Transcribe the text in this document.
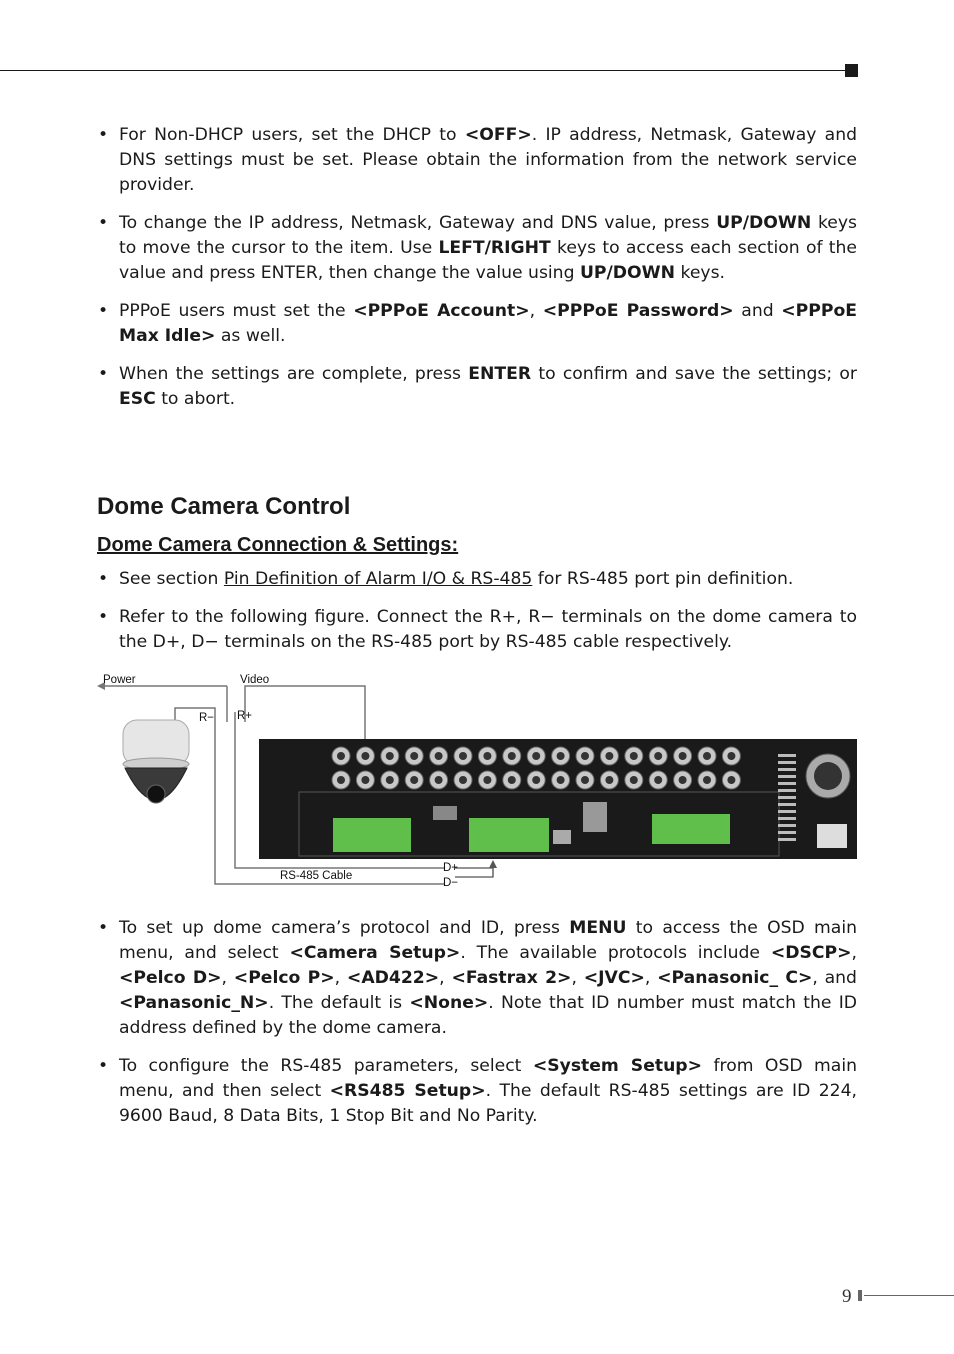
• For Non-DHCP users, set the DHCP to <OFF>. IP address, Netmask, Gateway and DNS settings must be set. Please obtain the information from the network service provider.
• To change the IP address, Netmask, Gateway and DNS value, press UP/DOWN keys to move the cursor to the item. Use LEFT/RIGHT keys to access each section of the value and press ENTER, then change the value using UP/DOWN keys.
• PPPoE users must set the <PPPoE Account>, <PPPoE Password> and <PPPoE Max Idle> as well.
• When the settings are complete, press ENTER to confirm and save the settings; or ESC to abort.
Dome Camera Control
Dome Camera Connection & Settings:
• See section Pin Definition of Alarm I/O & RS-485 for RS-485 port pin definition.
• Refer to the following figure. Connect the R+, R− terminals on the dome camera to the D+, D− terminals on the RS-485 port by RS-485 cable respectively.
Power	Video
R− R+
RS-485 Cable
D+
D−
• To set up dome camera’s protocol and ID, press MENU to access the OSD main menu, and select <Camera Setup>. The available protocols include <DSCP>, <Pelco D>, <Pelco P>, <AD422>, <Fastrax 2>, <JVC>, <Panasonic_ C>, and <Panasonic_N>. The default is <None>. Note that ID number must match the ID address defined by the dome camera.
• To configure the RS-485 parameters, select <System Setup> from OSD main menu, and then select <RS485 Setup>. The default RS-485 settings are ID 224, 9600 Baud, 8 Data Bits, 1 Stop Bit and No Parity.
9
